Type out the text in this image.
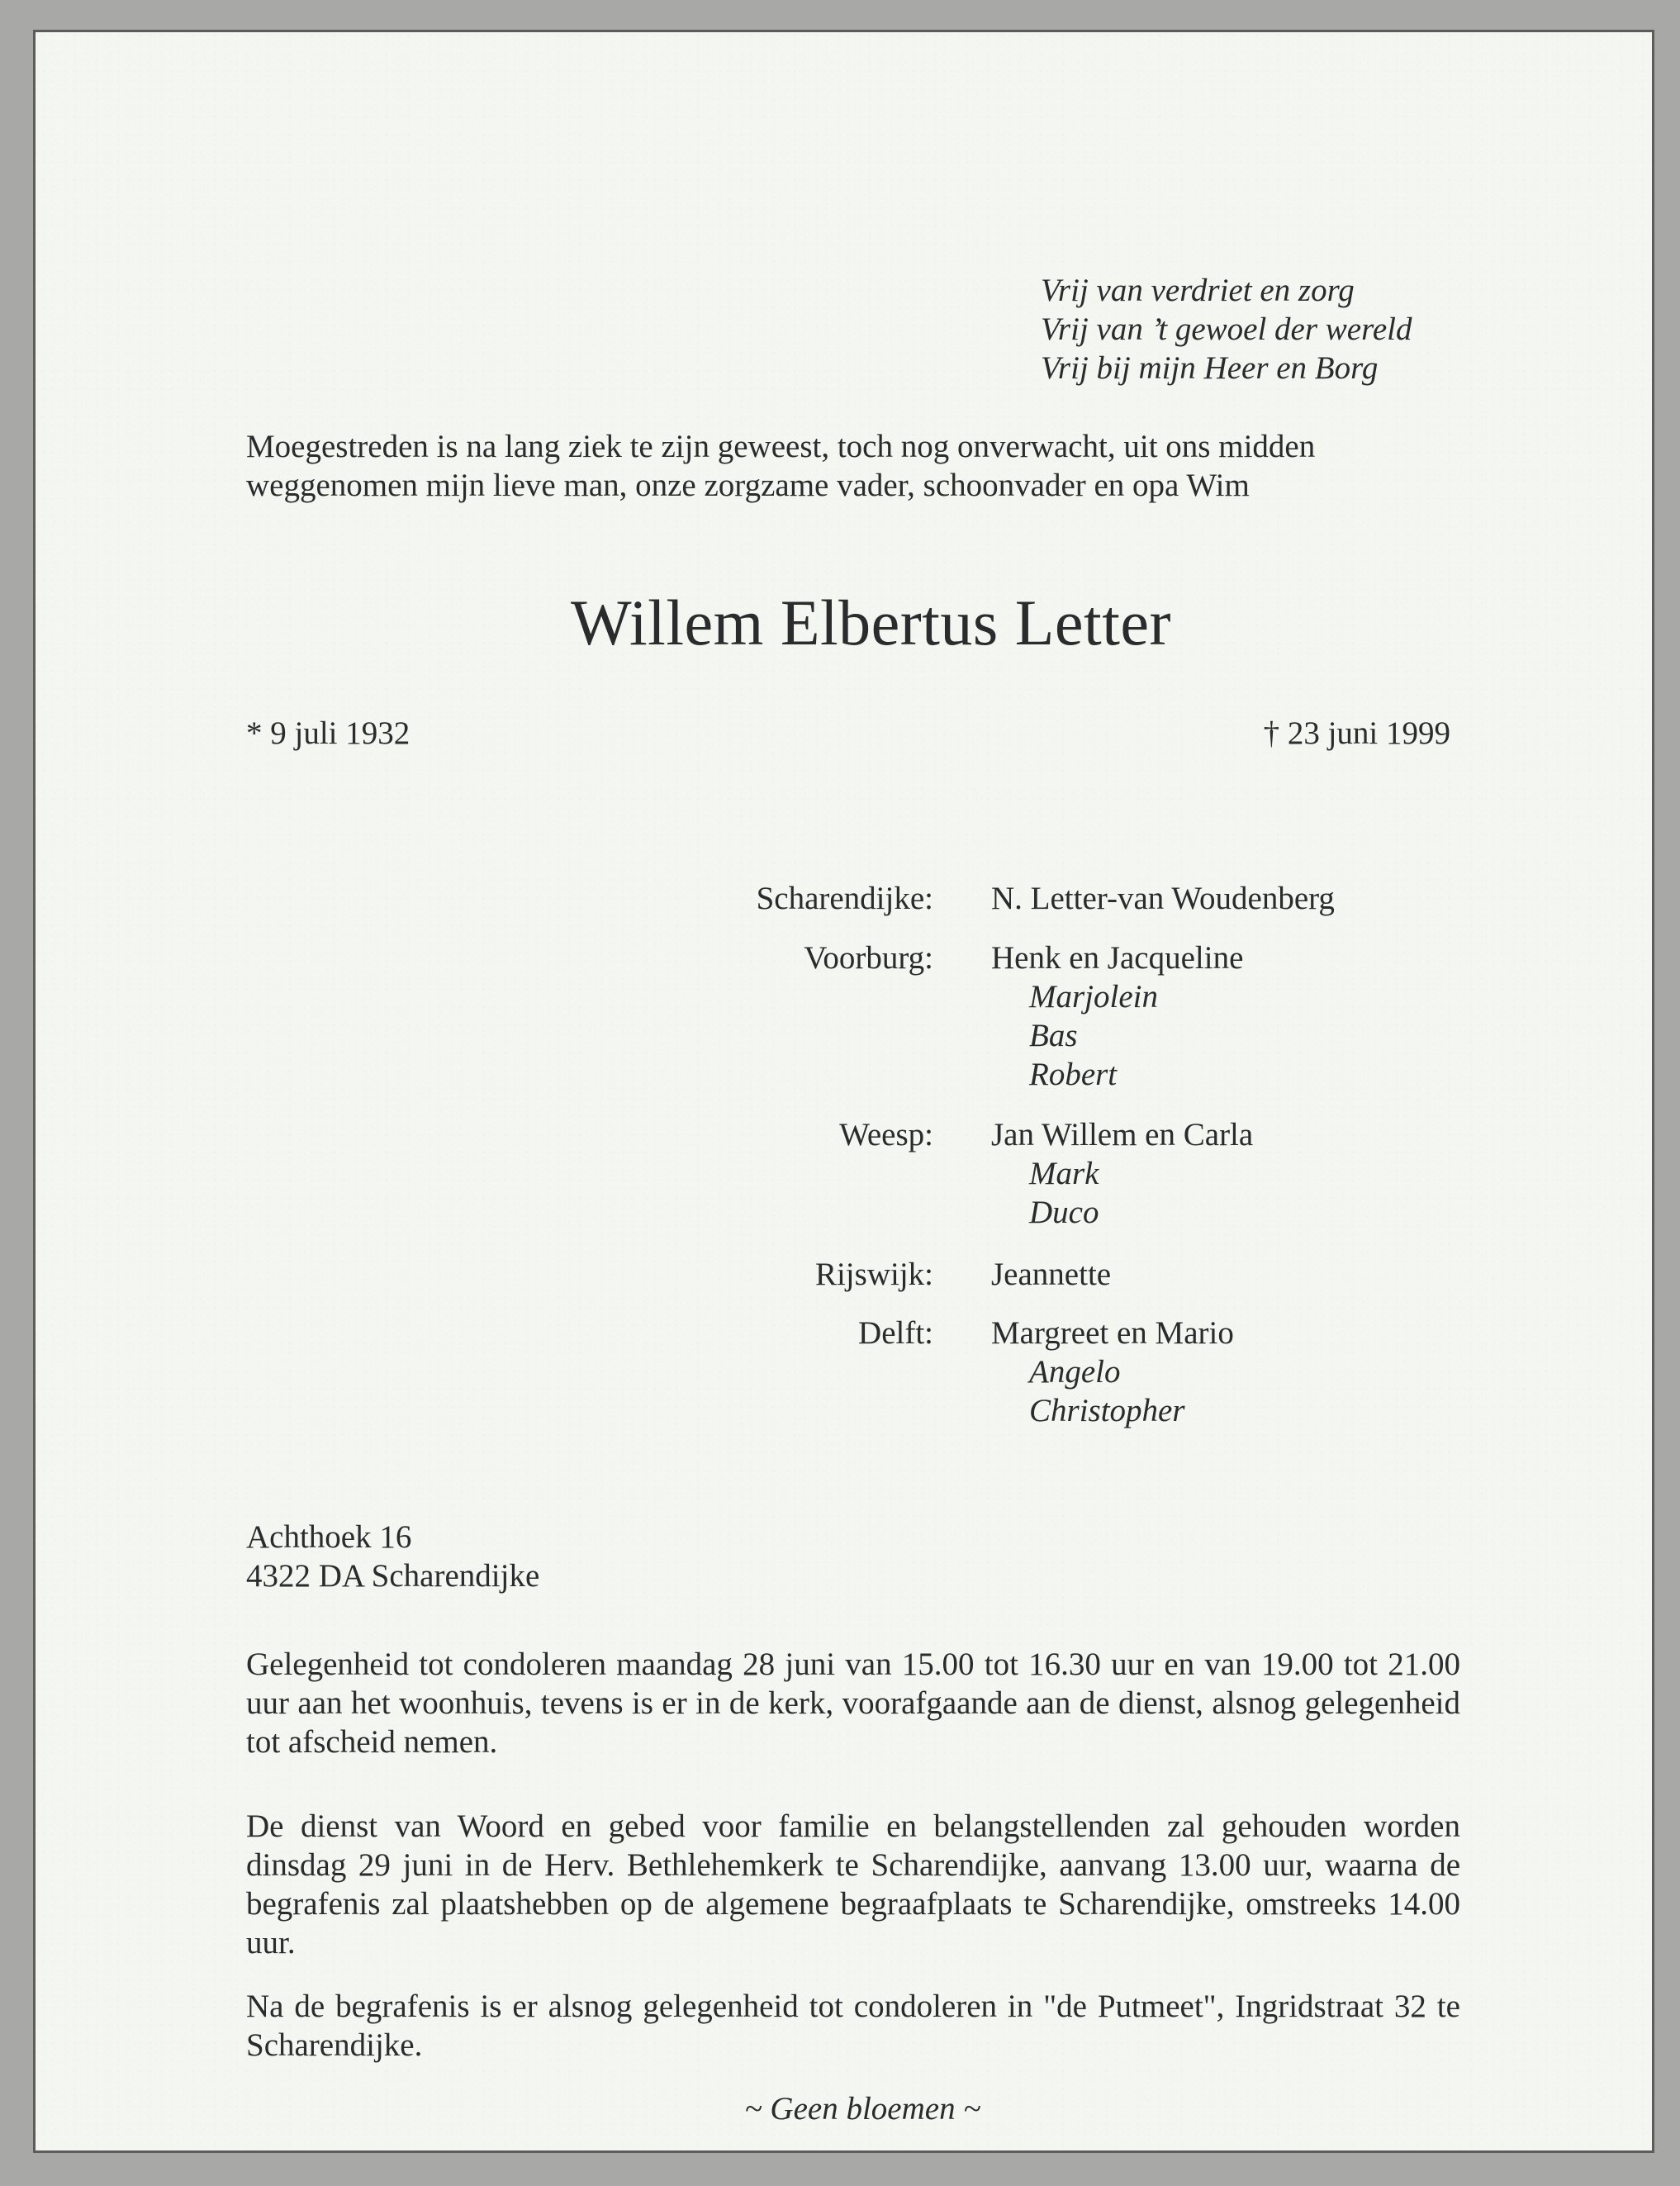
Vrij van verdriet en zorg
Vrij van ’t gewoel der wereld
Vrij bij mijn Heer en Borg
Moegestreden is na lang ziek te zijn geweest, toch nog onverwacht, uit ons midden
weggenomen mijn lieve man, onze zorgzame vader, schoonvader en opa Wim
Willem Elbertus Letter
* 9 juli 1932	† 23 juni 1999
Scharendijke: N. Letter-van Woudenberg
Voorburg: Henk en Jacqueline
Marjolein
Bas
Robert
Weesp: Jan Willem en Carla
Mark
Duco
Rijswijk: Jeannette
Delft: Margreet en Mario
Angelo
Christopher
Achthoek 16
4322 DA Scharendijke
Gelegenheid tot condoleren maandag 28 juni van 15.00 tot 16.30 uur en van 19.00 tot 21.00 uur aan het woonhuis, tevens is er in de kerk, voorafgaande aan de dienst, alsnog gelegenheid tot afscheid nemen.
De dienst van Woord en gebed voor familie en belangstellenden zal gehouden worden dinsdag 29 juni in de Herv. Bethlehemkerk te Scharendijke, aanvang 13.00 uur, waarna de begrafenis zal plaatshebben op de algemene begraafplaats te Scharendijke, omstreeks 14.00 uur.
Na de begrafenis is er alsnog gelegenheid tot condoleren in "de Putmeet", Ingridstraat 32 te Scharendijke.
~ Geen bloemen ~
